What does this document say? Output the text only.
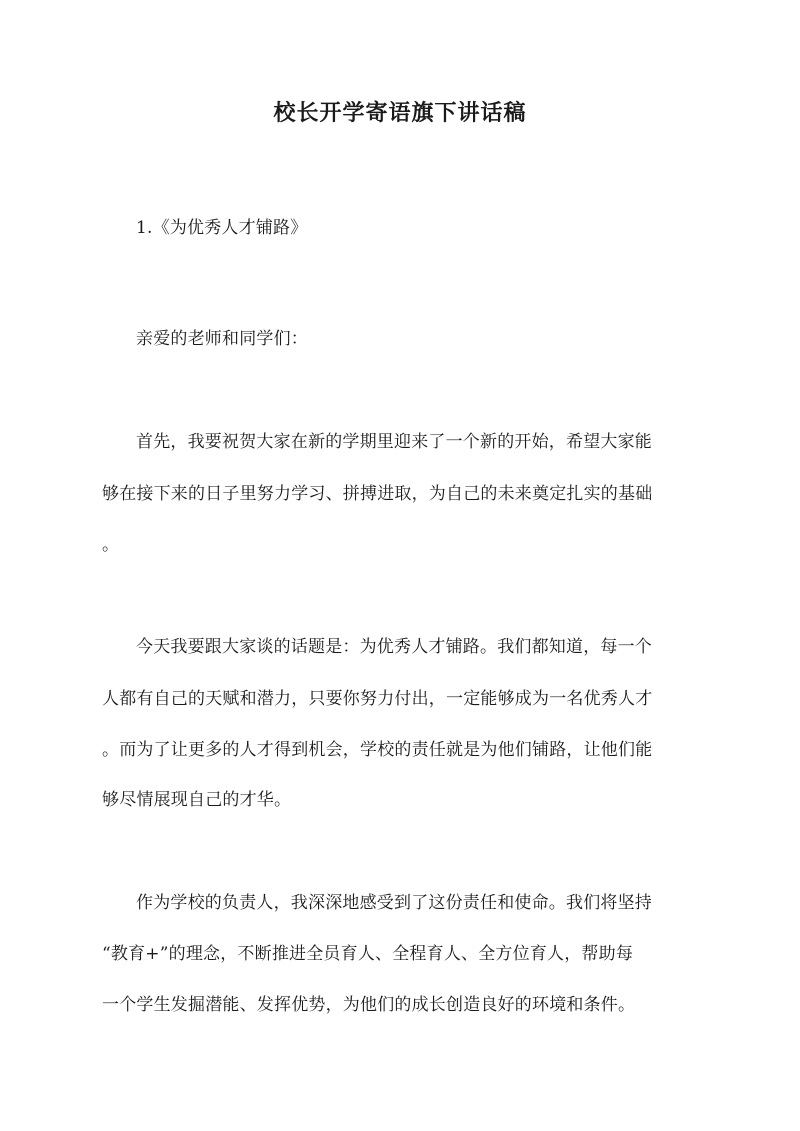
校长开学寄语旗下讲话稿
1.《为优秀人才铺路》
亲爱的老师和同学们：
首先，我要祝贺大家在新的学期里迎来了一个新的开始，希望大家能
够在接下来的日子里努力学习、拼搏进取，为自己的未来奠定扎实的基础
。
今天我要跟大家谈的话题是：为优秀人才铺路。我们都知道，每一个
人都有自己的天赋和潜力，只要你努力付出，一定能够成为一名优秀人才
。而为了让更多的人才得到机会，学校的责任就是为他们铺路，让他们能
够尽情展现自己的才华。
作为学校的负责人，我深深地感受到了这份责任和使命。我们将坚持
“教育+”的理念，不断推进全员育人、全程育人、全方位育人，帮助每
一个学生发掘潜能、发挥优势，为他们的成长创造良好的环境和条件。
